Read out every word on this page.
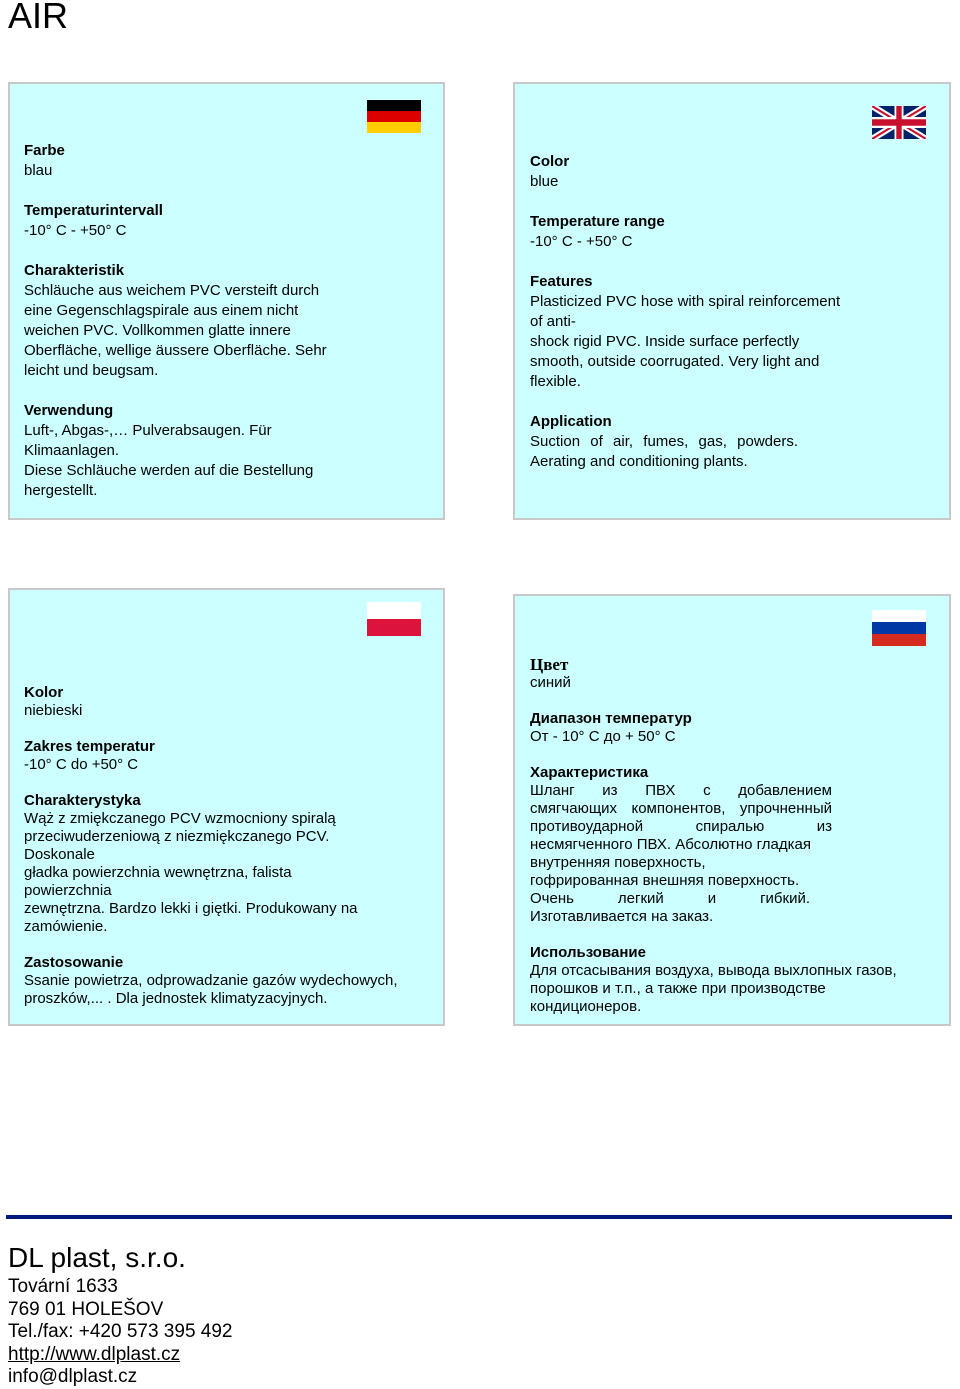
AIR
Farbe
blau
Temperaturintervall
-10° C - +50° C
Charakteristik
Schläuche aus weichem PVC versteift durch
eine Gegenschlagspirale aus einem nicht
weichen PVC. Vollkommen glatte innere
Oberfläche, wellige äussere Oberfläche. Sehr
leicht und beugsam.
Verwendung
Luft-, Abgas-,… Pulverabsaugen. Für
Klimaanlagen.
Diese Schläuche werden auf die Bestellung
hergestellt.
Color
blue
Temperature range
-10° C - +50° C
Features
Plasticized PVC hose with spiral reinforcement
of anti-
shock rigid PVC. Inside surface perfectly
smooth, outside coorrugated. Very light and
flexible.
Application
Suction of air, fumes, gas, powders.
Aerating and conditioning plants.
Kolor
niebieski
Zakres temperatur
-10° C do +50° C
Charakterystyka
Wąż z zmiękczanego PCV wzmocniony spiralą
przeciwuderzeniową z niezmiękczanego PCV.
Doskonale
gładka powierzchnia wewnętrzna, falista
powierzchnia
zewnętrzna. Bardzo lekki i giętki. Produkowany na
zamówienie.
Zastosowanie
Ssanie powietrza, odprowadzanie gazów wydechowych,
proszków,... . Dla jednostek klimatyzacyjnych.
Цвет
синий
Диапазон температур
От - 10° C до + 50° C
Характеристика
Шланг из ПВХ с добавлением
смягчающих компонентов, упрочненный
противоударной спиралью из
несмягченного ПВХ. Абсолютно гладкая
внутренняя поверхность,
гофрированная внешняя поверхность.
Очень легкий и гибкий.
Изготавливается на заказ.
Использование
Для отсасывания воздуха, вывода выхлопных газов,
порошков и т.п., а также при производстве
кондиционеров.
DL plast, s.r.o.
Tovární 1633
769 01 HOLEŠOV
Tel./fax: +420 573 395 492
http://www.dlplast.cz
info@dlplast.cz
